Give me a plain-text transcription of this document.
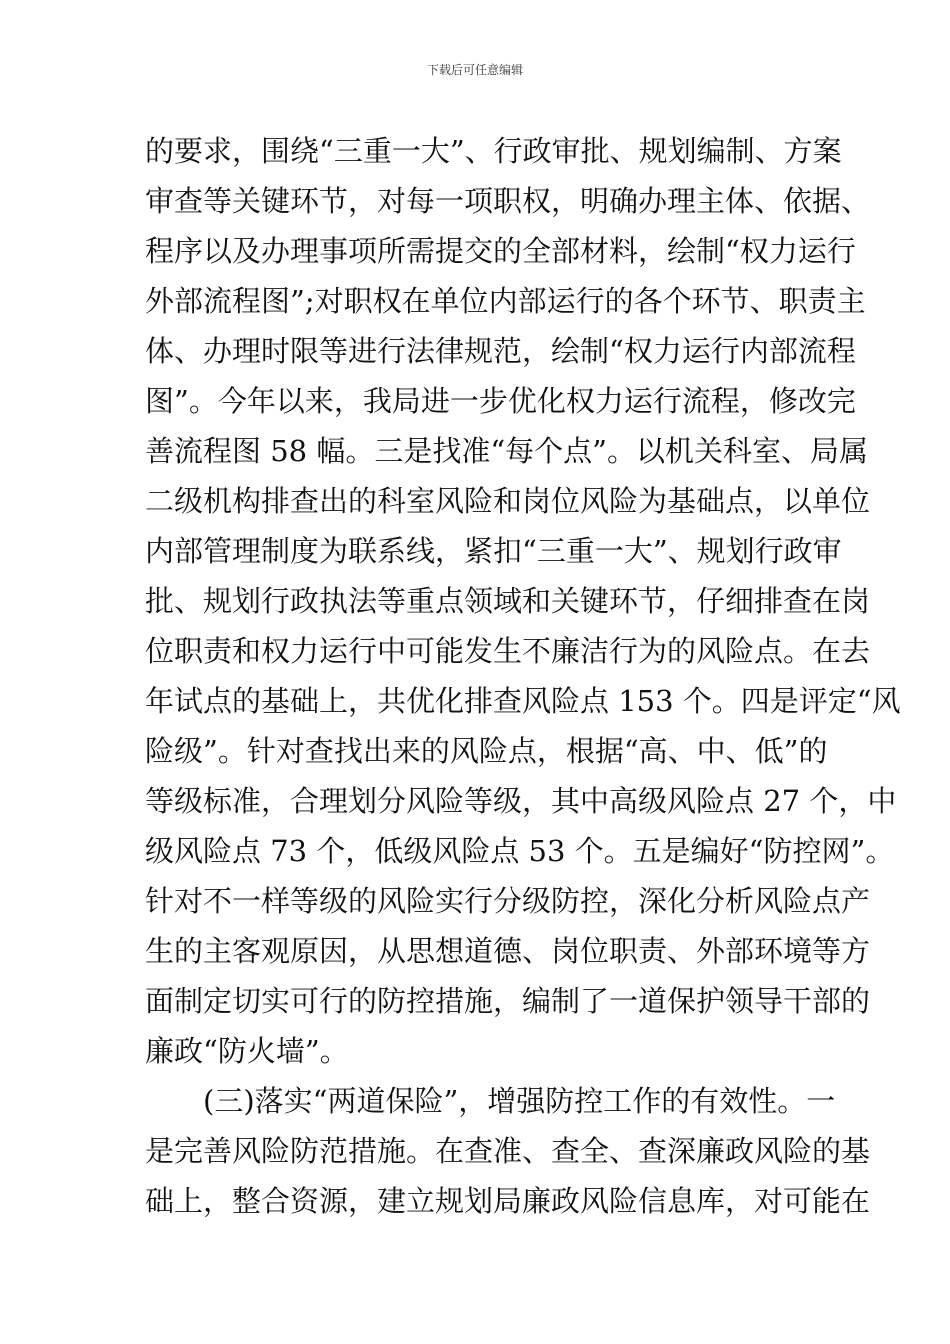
下载后可任意编辑
的要求，围绕“三重一大”、行政审批、规划编制、方案
审查等关键环节，对每一项职权，明确办理主体、依据、
程序以及办理事项所需提交的全部材料，绘制“权力运行
外部流程图”;对职权在单位内部运行的各个环节、职责主
体、办理时限等进行法律规范，绘制“权力运行内部流程
图”。今年以来，我局进一步优化权力运行流程，修改完
善流程图 58 幅。三是找准“每个点”。以机关科室、局属
二级机构排查出的科室风险和岗位风险为基础点，以单位
内部管理制度为联系线，紧扣“三重一大”、规划行政审
批、规划行政执法等重点领域和关键环节，仔细排查在岗
位职责和权力运行中可能发生不廉洁行为的风险点。在去
年试点的基础上，共优化排查风险点 153 个。四是评定“风
险级”。针对查找出来的风险点，根据“高、中、低”的
等级标准，合理划分风险等级，其中高级风险点 27 个，中
级风险点 73 个，低级风险点 53 个。五是编好“防控网”。
针对不一样等级的风险实行分级防控，深化分析风险点产
生的主客观原因，从思想道德、岗位职责、外部环境等方
面制定切实可行的防控措施，编制了一道保护领导干部的
廉政“防火墙”。
(三)落实“两道保险”，增强防控工作的有效性。一
是完善风险防范措施。在查准、查全、查深廉政风险的基
础上，整合资源，建立规划局廉政风险信息库，对可能在
